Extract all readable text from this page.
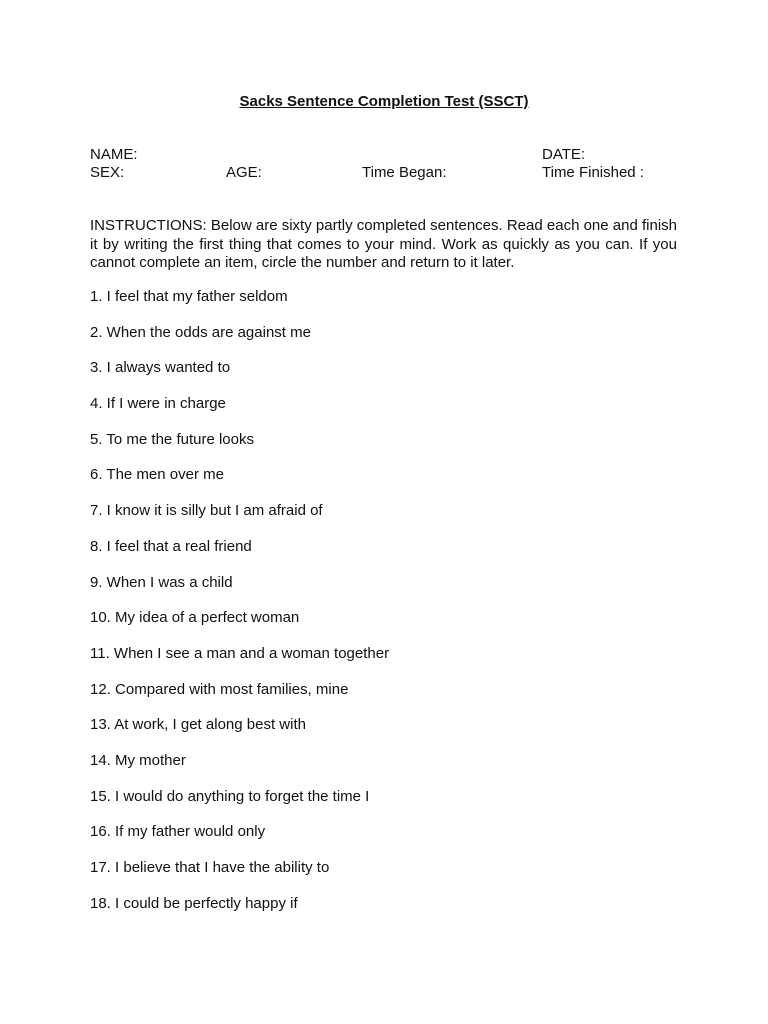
Sacks Sentence Completion Test (SSCT)
NAME:	DATE:
SEX:	AGE:	Time Began:	Time Finished :

INSTRUCTIONS: Below are sixty partly completed sentences. Read each one and finish it by writing the first thing that comes to your mind. Work as quickly as you can. If you cannot complete an item, circle the number and return to it later.

1. I feel that my father seldom
2. When the odds are against me
3. I always wanted to
4. If I were in charge
5. To me the future looks
6. The men over me
7. I know it is silly but I am afraid of
8. I feel that a real friend
9. When I was a child
10. My idea of a perfect woman
11. When I see a man and a woman together
12. Compared with most families, mine
13. At work, I get along best with
14. My mother
15. I would do anything to forget the time I
16. If my father would only
17. I believe that I have the ability to
18. I could be perfectly happy if
